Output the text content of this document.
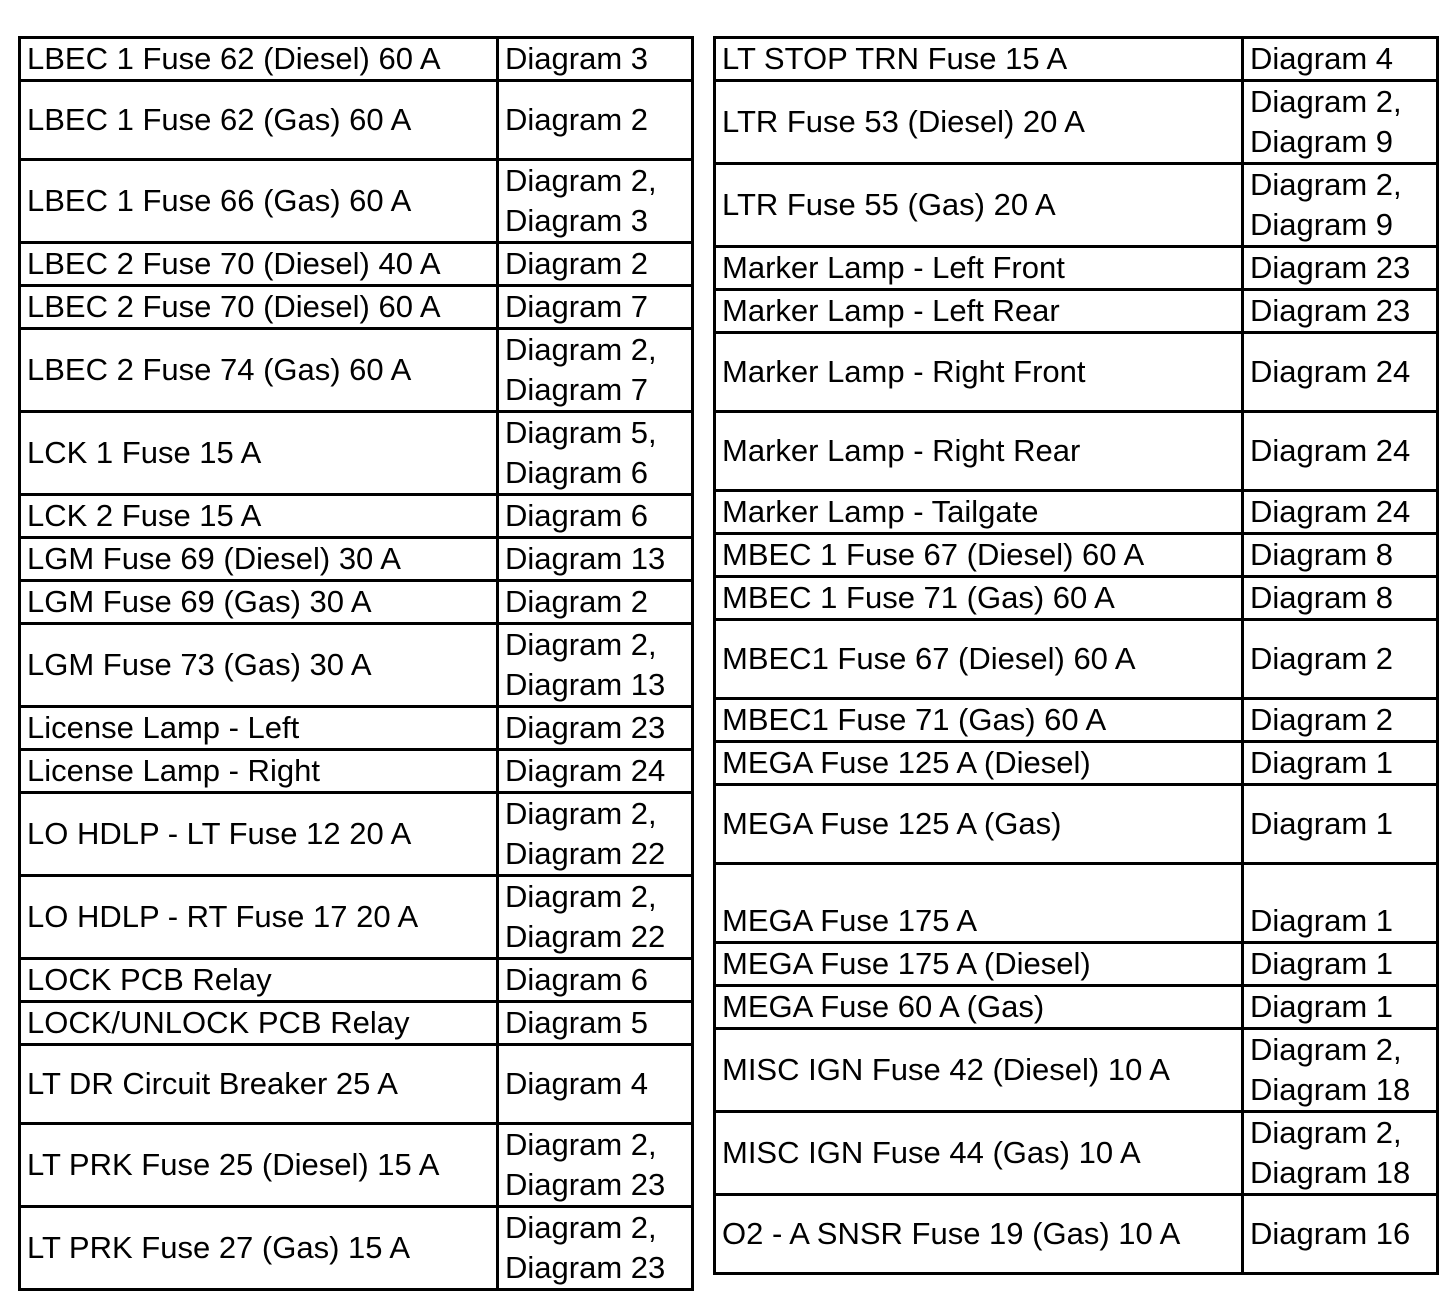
LBEC 1 Fuse 62 (Diesel) 60 A	Diagram 3
LBEC 1 Fuse 62 (Gas) 60 A	Diagram 2
LBEC 1 Fuse 66 (Gas) 60 A	Diagram 2, Diagram 3
LBEC 2 Fuse 70 (Diesel) 40 A	Diagram 2
LBEC 2 Fuse 70 (Diesel) 60 A	Diagram 7
LBEC 2 Fuse 74 (Gas) 60 A	Diagram 2, Diagram 7
LCK 1 Fuse 15 A	Diagram 5, Diagram 6
LCK 2 Fuse 15 A	Diagram 6
LGM Fuse 69 (Diesel) 30 A	Diagram 13
LGM Fuse 69 (Gas) 30 A	Diagram 2
LGM Fuse 73 (Gas) 30 A	Diagram 2, Diagram 13
License Lamp - Left	Diagram 23
License Lamp - Right	Diagram 24
LO HDLP - LT Fuse 12 20 A	Diagram 2, Diagram 22
LO HDLP - RT Fuse 17 20 A	Diagram 2, Diagram 22
LOCK PCB Relay	Diagram 6
LOCK/UNLOCK PCB Relay	Diagram 5
LT DR Circuit Breaker 25 A	Diagram 4
LT PRK Fuse 25 (Diesel) 15 A	Diagram 2, Diagram 23
LT PRK Fuse 27 (Gas) 15 A	Diagram 2, Diagram 23
LT STOP TRN Fuse 15 A	Diagram 4
LTR Fuse 53 (Diesel) 20 A	Diagram 2, Diagram 9
LTR Fuse 55 (Gas) 20 A	Diagram 2, Diagram 9
Marker Lamp - Left Front	Diagram 23
Marker Lamp - Left Rear	Diagram 23
Marker Lamp - Right Front	Diagram 24
Marker Lamp - Right Rear	Diagram 24
Marker Lamp - Tailgate	Diagram 24
MBEC 1 Fuse 67 (Diesel) 60 A	Diagram 8
MBEC 1 Fuse 71 (Gas) 60 A	Diagram 8
MBEC1 Fuse 67 (Diesel) 60 A	Diagram 2
MBEC1 Fuse 71 (Gas) 60 A	Diagram 2
MEGA Fuse 125 A (Diesel)	Diagram 1
MEGA Fuse 125 A (Gas)	Diagram 1
MEGA Fuse 175 A	Diagram 1
MEGA Fuse 175 A (Diesel)	Diagram 1
MEGA Fuse 60 A (Gas)	Diagram 1
MISC IGN Fuse 42 (Diesel) 10 A	Diagram 2, Diagram 18
MISC IGN Fuse 44 (Gas) 10 A	Diagram 2, Diagram 18
O2 - A SNSR Fuse 19 (Gas) 10 A	Diagram 16
